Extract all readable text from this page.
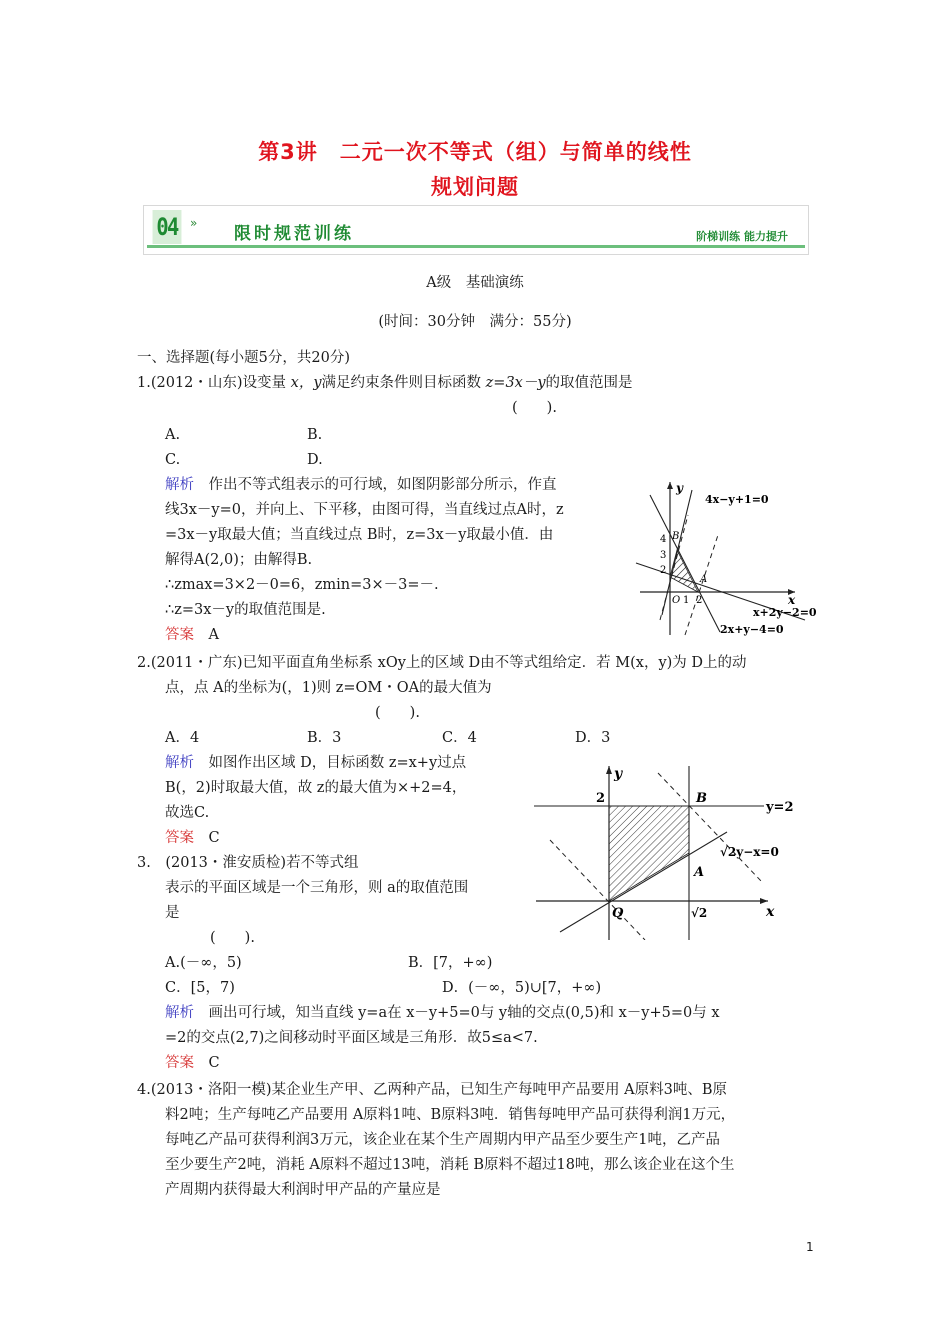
第3讲　二元一次不等式（组）与简单的线性
规划问题
04	»
限时规范训练	阶梯训练 能力提升
A级　基础演练
(时间：30分钟　满分：55分)
一、选择题(每小题5分，共20分)
1.(2012・山东)设变量 x，y满足约束条件则目标函数 z=3x－y的取值范围是
(　　).
A.	B.
C.	D.
解析　 作出不等式组表示的可行域，如图阴影部分所示，作直
线3x－y=0，并向上、下平移，由图可得，当直线过点A时，z
=3x－y取最大值；当直线过点 B时，z=3x－y取最小值．由
解得A(2,0)；由解得B.
∴zmax=3×2－0=6，zmin=3×－3=－.
∴z=3x－y的取值范围是.
答案　 A
y
x
O 1 2
4
3
2
B
A
4x−y+1=0
x+2y−2=0
2x+y−4=0
2.(2011・广东)已知平面直角坐标系 xOy上的区域 D由不等式组给定．若 M(x，y)为 D上的动
点，点 A的坐标为(，1)则 z=OM・OA的最大值为
(　　).
A．4	B．3	C．4	D．3
解析　 如图作出区域 D，目标函数 z=x+y过点
B(，2)时取最大值，故 z的最大值为×+2=4，
故选C.
答案　 C
y
x
2	B
y=2
√2y−x=0
A
Q	√2
3.　 (2013・淮安质检)若不等式组
表示的平面区域是一个三角形，则 a的取值范围
是
(　　).
A.(－∞，5)	B．[7，+∞)
C．[5，7)	D．(－∞，5)∪[7，+∞)
解析　 画出可行域，知当直线 y=a在 x－y+5=0与 y轴的交点(0,5)和 x－y+5=0与 x
=2的交点(2,7)之间移动时平面区域是三角形．故5≤a<7.
答案　 C
4.(2013・洛阳一模)某企业生产甲、乙两种产品，已知生产每吨甲产品要用 A原料3吨、B原
料2吨；生产每吨乙产品要用 A原料1吨、B原料3吨．销售每吨甲产品可获得利润1万元，
每吨乙产品可获得利润3万元，该企业在某个生产周期内甲产品至少要生产1吨，乙产品
至少要生产2吨，消耗 A原料不超过13吨，消耗 B原料不超过18吨，那么该企业在这个生
产周期内获得最大利润时甲产品的产量应是
1
